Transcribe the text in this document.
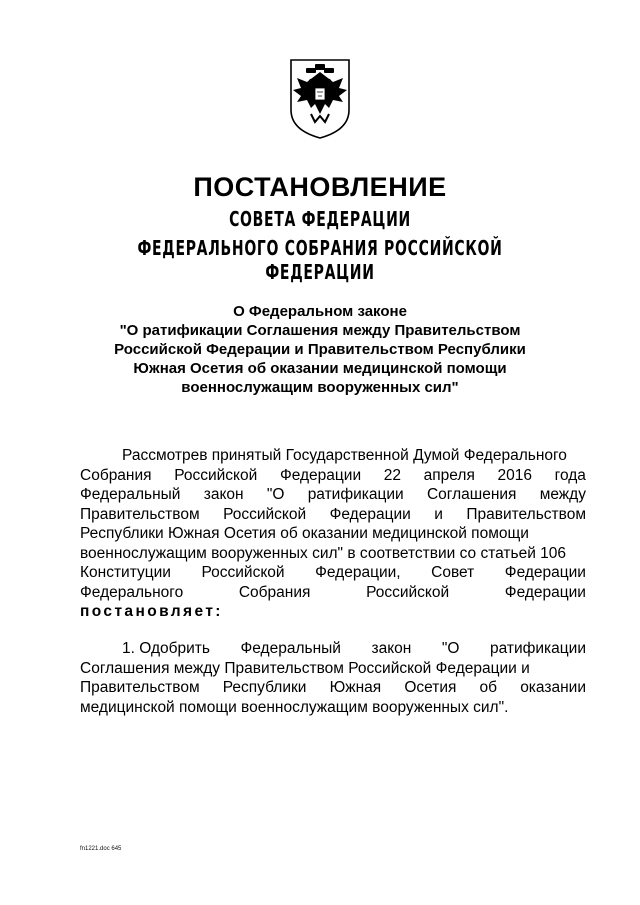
ПОСТАНОВЛЕНИЕ
СОВЕТА ФЕДЕРАЦИИ
ФЕДЕРАЛЬНОГО СОБРАНИЯ РОССИЙСКОЙ ФЕДЕРАЦИИ
О Федеральном законе
"О ратификации Соглашения между Правительством
Российской Федерации и Правительством Республики
Южная Осетия об оказании медицинской помощи
военнослужащим вооруженных сил"
Рассмотрев принятый Государственной Думой Федерального
Собрания Российской Федерации 22 апреля 2016 года
Федеральный закон "О ратификации Соглашения между
Правительством Российской Федерации и Правительством
Республики Южная Осетия об оказании медицинской помощи
военнослужащим вооруженных сил" в соответствии со статьей 106
Конституции Российской Федерации, Совет Федерации
Федерального	Собрания	Российской	Федерации
постановляет:
1. Одобрить Федеральный закон "О ратификации
Соглашения между Правительством Российской Федерации и
Правительством Республики Южная Осетия об оказании
медицинской помощи военнослужащим вооруженных сил".
fn1221.doc 645
